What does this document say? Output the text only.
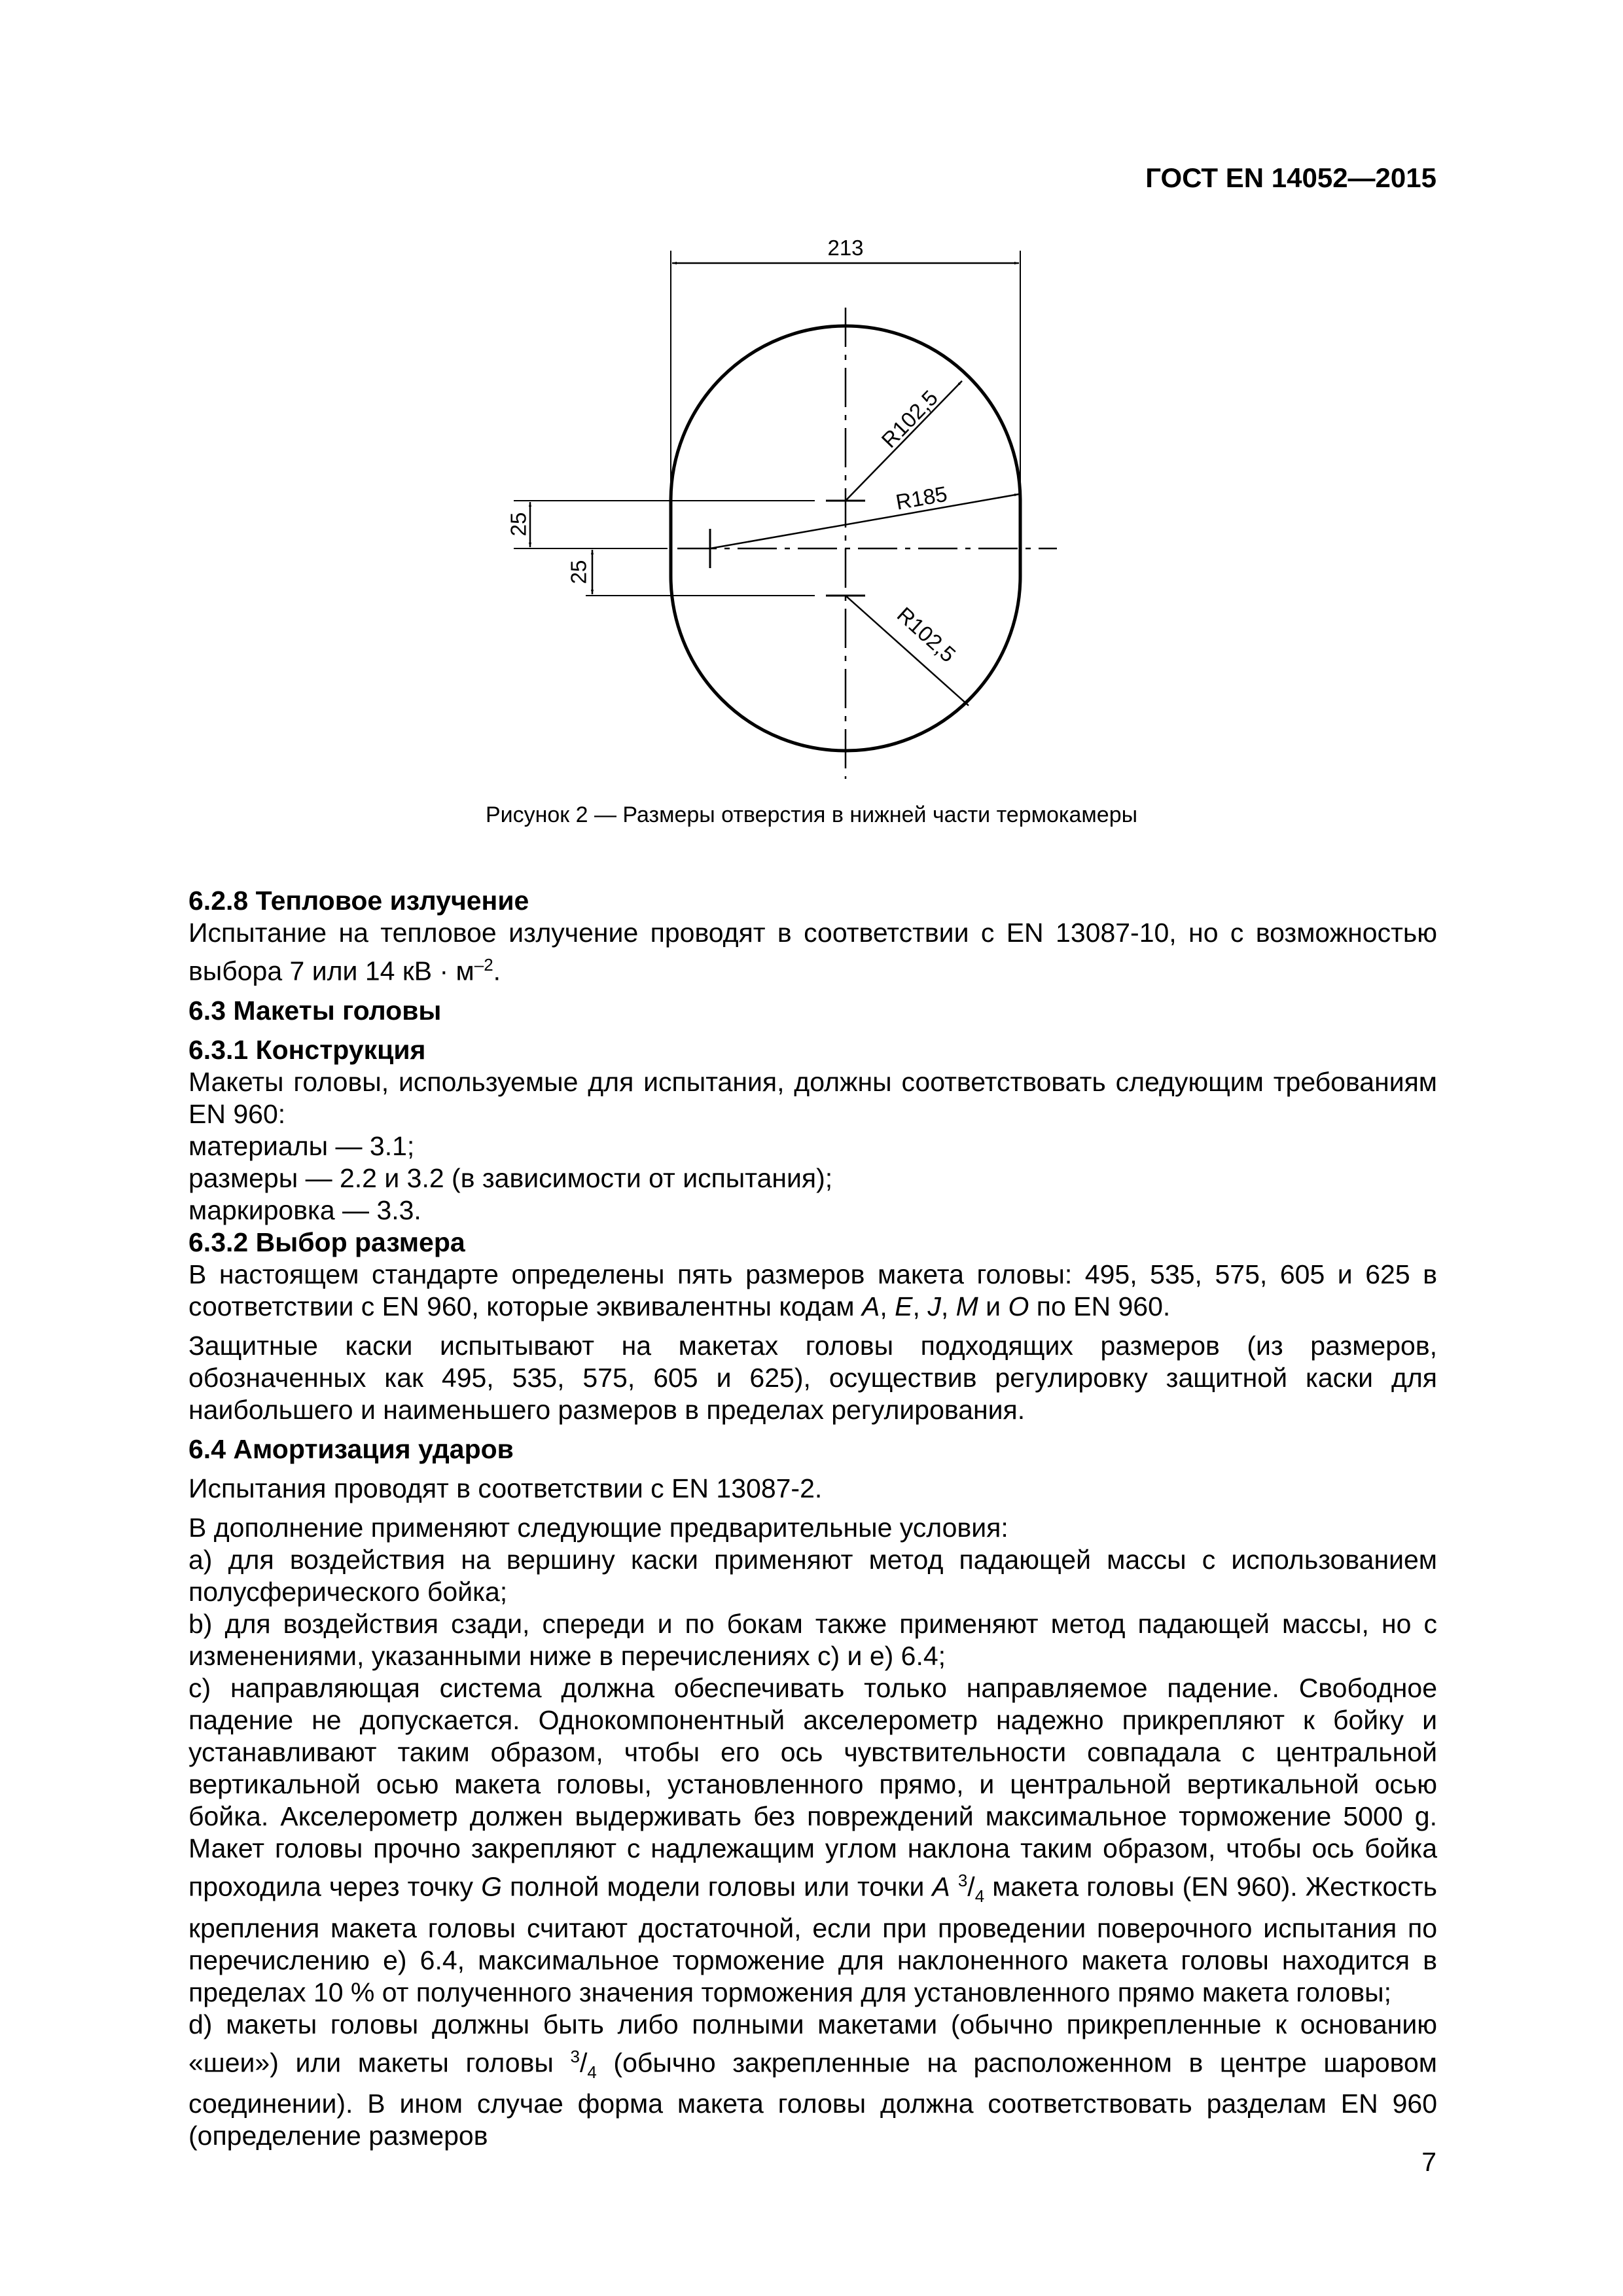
ГОСТ EN 14052—2015
213
25
25
R185
R102,5
R102,5
Рисунок 2 — Размеры отверстия в нижней части термокамеры

6.2.8 Тепловое излучение

Испытание на тепловое излучение проводят в соответствии с EN 13087-10, но с возможностью выбора 7 или 14 кВ · $м^{-2}$.

6.3 Макеты головы

6.3.1 Конструкция

Макеты головы, используемые для испытания, должны соответствовать следующим требованиям EN 960:

материалы — 3.1;

размеры — 2.2 и 3.2 (в зависимости от испытания);

маркировка — 3.3.

6.3.2 Выбор размера

В настоящем стандарте определены пять размеров макета головы: 495, 535, 575, 605 и 625 в соответствии с EN 960, которые эквивалентны кодам A, E, J, M и O по EN 960.

Защитные каски испытывают на макетах головы подходящих размеров (из размеров, обозначенных как 495, 535, 575, 605 и 625), осуществив регулировку защитной каски для наибольшего и наименьшего размеров в пределах регулирования.

6.4 Амортизация ударов

Испытания проводят в соответствии с EN 13087-2.

В дополнение применяют следующие предварительные условия:

a) для воздействия на вершину каски применяют метод падающей массы с использованием полусферического бойка;

b) для воздействия сзади, спереди и по бокам также применяют метод падающей массы, но с изменениями, указанными ниже в перечислениях c) и e) 6.4;

c) направляющая система должна обеспечивать только направляемое падение. Свободное падение не допускается. Однокомпонентный акселерометр надежно прикрепляют к бойку и устанавливают таким образом, чтобы его ось чувствительности совпадала с центральной вертикальной осью макета головы, установленного прямо, и центральной вертикальной осью бойка. Акселерометр должен выдерживать без повреждений максимальное торможение 5000 g. Макет головы прочно закрепляют с надлежащим углом наклона таким образом, чтобы ось бойка проходила через точку G полной модели головы или точки A $^3/_4$ макета головы (EN 960). Жесткость крепления макета головы считают достаточной, если при проведении поверочного испытания по перечислению e) 6.4, максимальное торможение для наклоненного макета головы находится в пределах 10 % от полученного значения торможения для установленного прямо макета головы;

d) макеты головы должны быть либо полными макетами (обычно прикрепленные к основанию «шеи») или макеты головы $^3/_4$ (обычно закрепленные на расположенном в центре шаровом соединении). В ином случае форма макета головы должна соответствовать разделам EN 960 (определение размеров

7
